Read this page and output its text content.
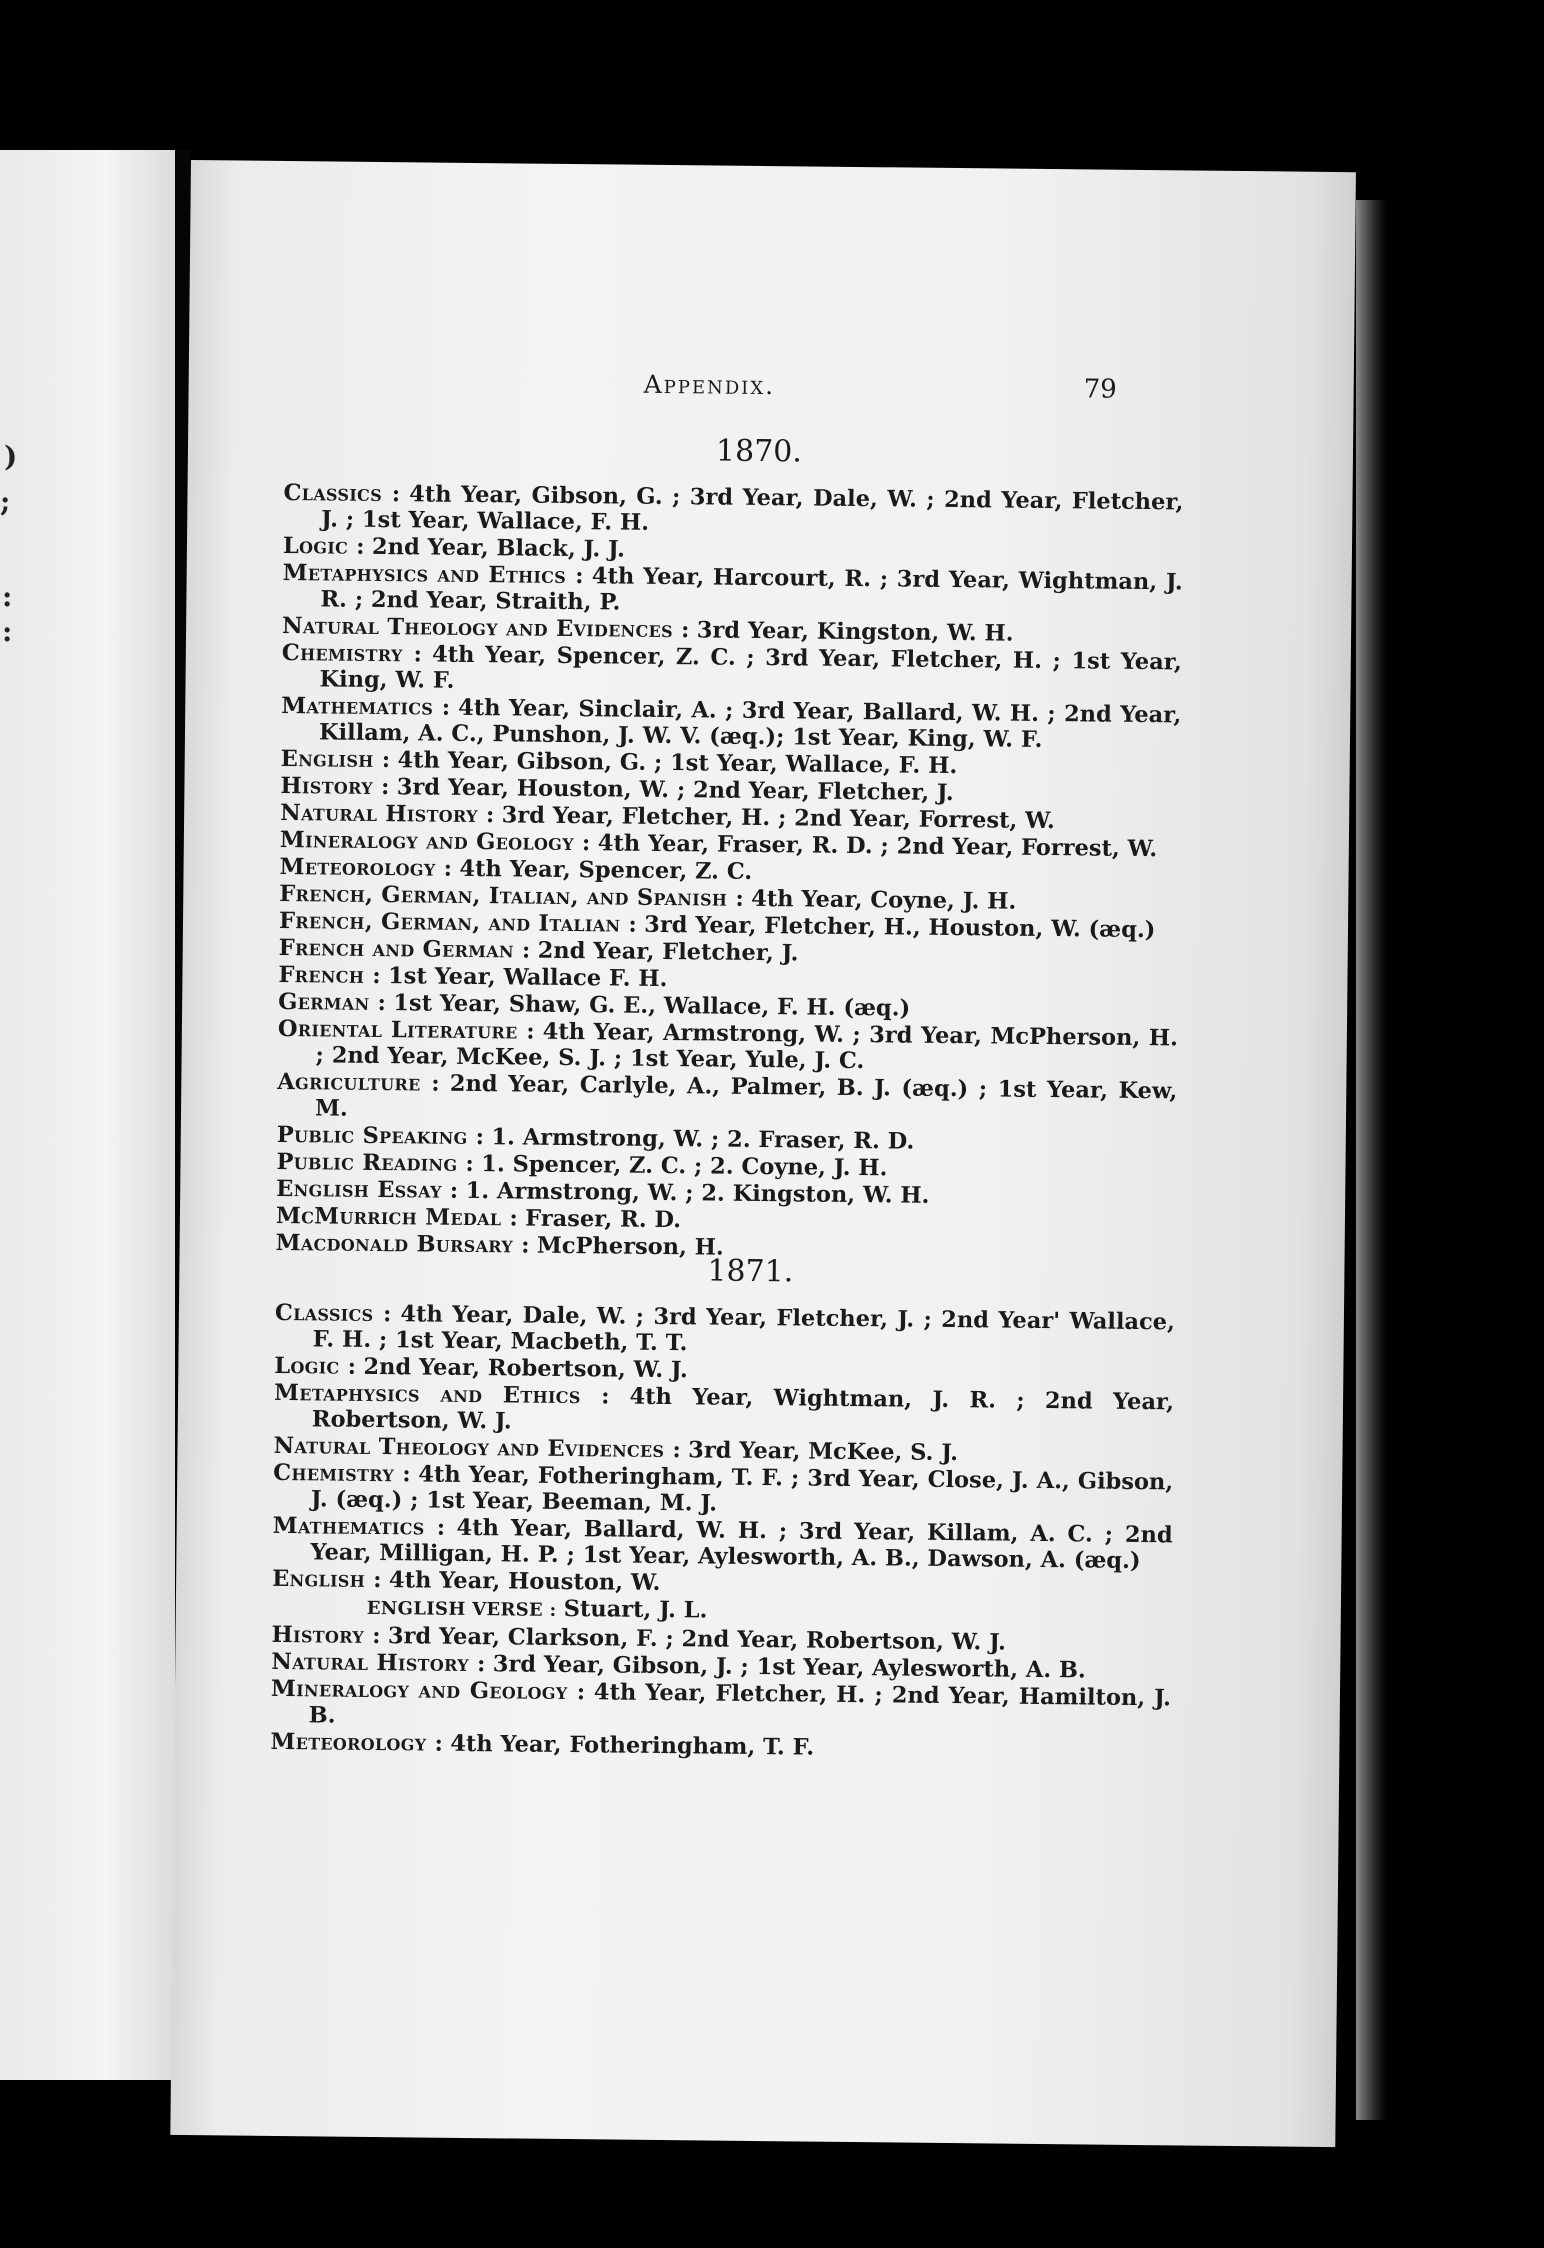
)
;
:
:
Appendix.	79
1870.

Classics : 4th Year, Gibson, G. ; 3rd Year, Dale, W. ; 2nd Year, Fletcher, J. ; 1st Year, Wallace, F. H.

Logic : 2nd Year, Black, J. J.

Metaphysics and Ethics : 4th Year, Harcourt, R. ; 3rd Year, Wightman, J. R. ; 2nd Year, Straith, P.

Natural Theology and Evidences : 3rd Year, Kingston, W. H.

Chemistry : 4th Year, Spencer, Z. C. ; 3rd Year, Fletcher, H. ; 1st Year, King, W. F.

Mathematics : 4th Year, Sinclair, A. ; 3rd Year, Ballard, W. H. ; 2nd Year, Killam, A. C., Punshon, J. W. V. (æq.); 1st Year, King, W. F.

English : 4th Year, Gibson, G. ; 1st Year, Wallace, F. H.

History : 3rd Year, Houston, W. ; 2nd Year, Fletcher, J.

Natural History : 3rd Year, Fletcher, H. ; 2nd Year, Forrest, W.

Mineralogy and Geology : 4th Year, Fraser, R. D. ; 2nd Year, Forrest, W.

Meteorology : 4th Year, Spencer, Z. C.

French, German, Italian, and Spanish : 4th Year, Coyne, J. H.

French, German, and Italian : 3rd Year, Fletcher, H., Houston, W. (æq.)

French and German : 2nd Year, Fletcher, J.

French : 1st Year, Wallace F. H.

German : 1st Year, Shaw, G. E., Wallace, F. H. (æq.)

Oriental Literature : 4th Year, Armstrong, W. ; 3rd Year, McPherson, H. ; 2nd Year, McKee, S. J. ; 1st Year, Yule, J. C.

Agriculture : 2nd Year, Carlyle, A., Palmer, B. J. (æq.) ; 1st Year, Kew, M.

Public Speaking : 1. Armstrong, W. ; 2. Fraser, R. D.

Public Reading : 1. Spencer, Z. C. ; 2. Coyne, J. H.

English Essay : 1. Armstrong, W. ; 2. Kingston, W. H.

McMurrich Medal : Fraser, R. D.

Macdonald Bursary : McPherson, H.

1871.

Classics : 4th Year, Dale, W. ; 3rd Year, Fletcher, J. ; 2nd Year' Wallace, F. H. ; 1st Year, Macbeth, T. T.

Logic : 2nd Year, Robertson, W. J.

Metaphysics and Ethics : 4th Year, Wightman, J. R. ; 2nd Year, Robertson, W. J.

Natural Theology and Evidences : 3rd Year, McKee, S. J.

Chemistry : 4th Year, Fotheringham, T. F. ; 3rd Year, Close, J. A., Gibson, J. (æq.) ; 1st Year, Beeman, M. J.

Mathematics : 4th Year, Ballard, W. H. ; 3rd Year, Killam, A. C. ; 2nd Year, Milligan, H. P. ; 1st Year, Aylesworth, A. B., Dawson, A. (æq.)

English : 4th Year, Houston, W.

ENGLISH VERSE : Stuart, J. L.

History : 3rd Year, Clarkson, F. ; 2nd Year, Robertson, W. J.

Natural History : 3rd Year, Gibson, J. ; 1st Year, Aylesworth, A. B.

Mineralogy and Geology : 4th Year, Fletcher, H. ; 2nd Year, Hamilton, J. B.

Meteorology : 4th Year, Fotheringham, T. F.
